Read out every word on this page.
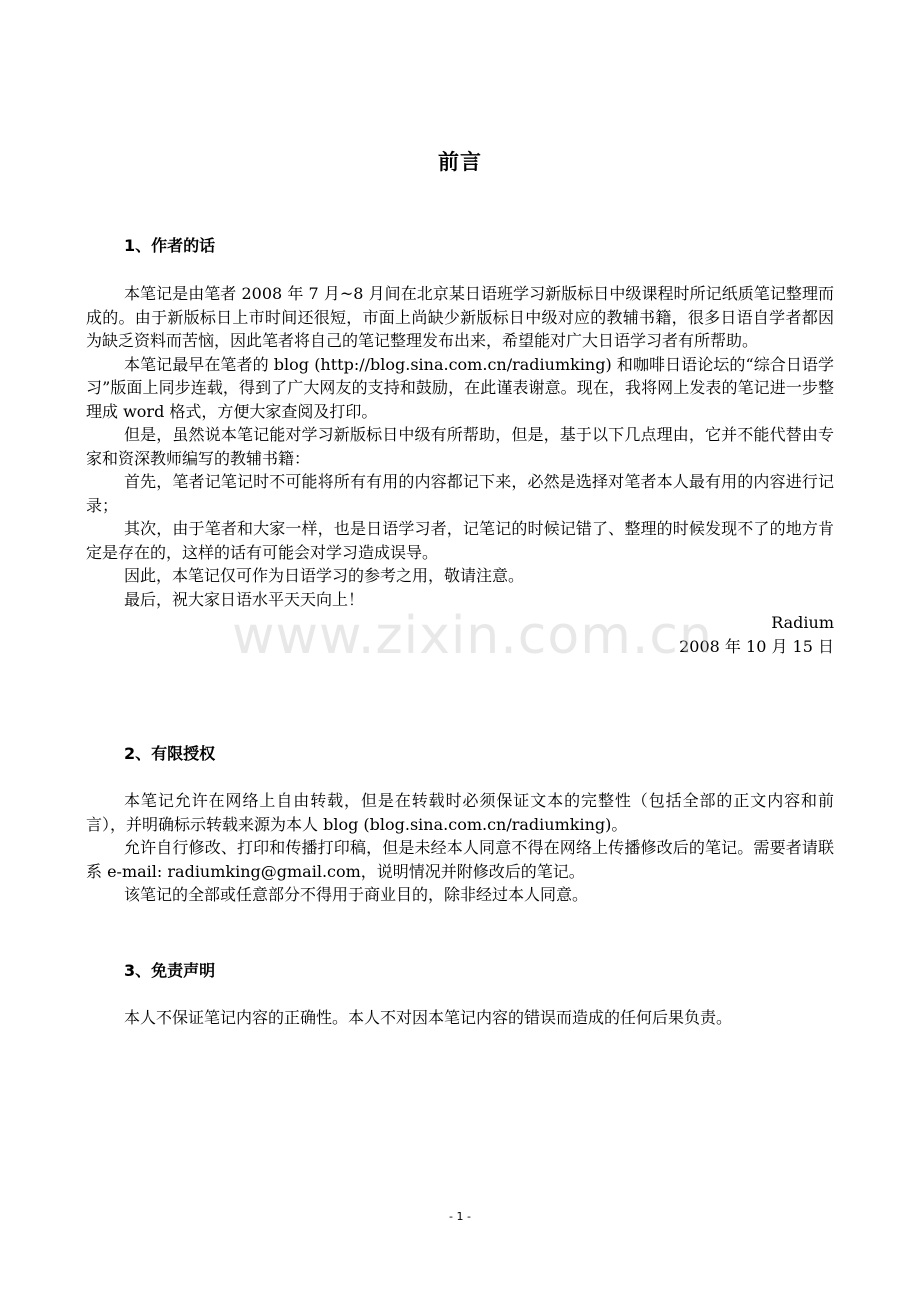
前言
1、作者的话

本笔记是由笔者 2008 年 7 月~8 月间在北京某日语班学习新版标日中级课程时所记纸质笔记整理而成的。由于新版标日上市时间还很短，市面上尚缺少新版标日中级对应的教辅书籍，很多日语自学者都因为缺乏资料而苦恼，因此笔者将自己的笔记整理发布出来，希望能对广大日语学习者有所帮助。

本笔记最早在笔者的 blog (http://blog.sina.com.cn/radiumking) 和咖啡日语论坛的“综合日语学习”版面上同步连载，得到了广大网友的支持和鼓励，在此谨表谢意。现在，我将网上发表的笔记进一步整理成 word 格式，方便大家查阅及打印。

但是，虽然说本笔记能对学习新版标日中级有所帮助，但是，基于以下几点理由，它并不能代替由专家和资深教师编写的教辅书籍：

首先，笔者记笔记时不可能将所有有用的内容都记下来，必然是选择对笔者本人最有用的内容进行记录；

其次，由于笔者和大家一样，也是日语学习者，记笔记的时候记错了、整理的时候发现不了的地方肯定是存在的，这样的话有可能会对学习造成误导。

因此，本笔记仅可作为日语学习的参考之用，敬请注意。

最后，祝大家日语水平天天向上！

Radium

2008 年 10 月 15 日

2、有限授权

本笔记允许在网络上自由转载，但是在转载时必须保证文本的完整性（包括全部的正文内容和前言），并明确标示转载来源为本人 blog (blog.sina.com.cn/radiumking)。

允许自行修改、打印和传播打印稿，但是未经本人同意不得在网络上传播修改后的笔记。需要者请联系 e-mail: radiumking@gmail.com，说明情况并附修改后的笔记。

该笔记的全部或任意部分不得用于商业目的，除非经过本人同意。

3、免责声明

本人不保证笔记内容的正确性。本人不对因本笔记内容的错误而造成的任何后果负责。

www.zixin.com.cn
- 1 -
